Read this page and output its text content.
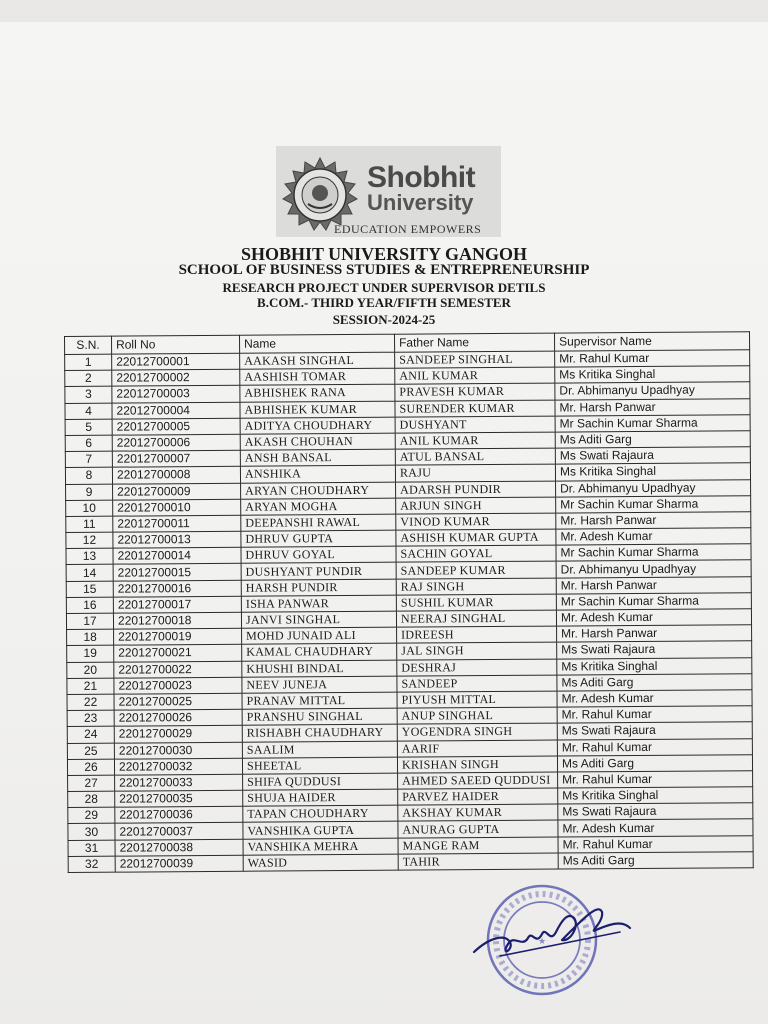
Shobhit
University
EDUCATION EMPOWERS
SHOBHIT UNIVERSITY GANGOH
SCHOOL OF BUSINESS STUDIES & ENTREPRENEURSHIP
RESEARCH PROJECT UNDER SUPERVISOR DETILS
B.COM.- THIRD YEAR/FIFTH SEMESTER
SESSION-2024-25
S.N.	Roll No	Name	Father Name	Supervisor Name
1	22012700001	AAKASH SINGHAL	SANDEEP SINGHAL	Mr. Rahul Kumar
2	22012700002	AASHISH TOMAR	ANIL KUMAR	Ms Kritika Singhal
3	22012700003	ABHISHEK RANA	PRAVESH KUMAR	Dr. Abhimanyu Upadhyay
4	22012700004	ABHISHEK KUMAR	SURENDER KUMAR	Mr. Harsh Panwar
5	22012700005	ADITYA CHOUDHARY	DUSHYANT	Mr Sachin Kumar Sharma
6	22012700006	AKASH CHOUHAN	ANIL KUMAR	Ms Aditi Garg
7	22012700007	ANSH BANSAL	ATUL BANSAL	Ms Swati Rajaura
8	22012700008	ANSHIKA	RAJU	Ms Kritika Singhal
9	22012700009	ARYAN CHOUDHARY	ADARSH PUNDIR	Dr. Abhimanyu Upadhyay
10	22012700010	ARYAN MOGHA	ARJUN SINGH	Mr Sachin Kumar Sharma
11	22012700011	DEEPANSHI RAWAL	VINOD KUMAR	Mr. Harsh Panwar
12	22012700013	DHRUV GUPTA	ASHISH KUMAR GUPTA	Mr. Adesh Kumar
13	22012700014	DHRUV GOYAL	SACHIN GOYAL	Mr Sachin Kumar Sharma
14	22012700015	DUSHYANT PUNDIR	SANDEEP KUMAR	Dr. Abhimanyu Upadhyay
15	22012700016	HARSH PUNDIR	RAJ SINGH	Mr. Harsh Panwar
16	22012700017	ISHA PANWAR	SUSHIL KUMAR	Mr Sachin Kumar Sharma
17	22012700018	JANVI SINGHAL	NEERAJ SINGHAL	Mr. Adesh Kumar
18	22012700019	MOHD JUNAID ALI	IDREESH	Mr. Harsh Panwar
19	22012700021	KAMAL CHAUDHARY	JAL SINGH	Ms Swati Rajaura
20	22012700022	KHUSHI BINDAL	DESHRAJ	Ms Kritika Singhal
21	22012700023	NEEV JUNEJA	SANDEEP	Ms Aditi Garg
22	22012700025	PRANAV MITTAL	PIYUSH MITTAL	Mr. Adesh Kumar
23	22012700026	PRANSHU SINGHAL	ANUP SINGHAL	Mr. Rahul Kumar
24	22012700029	RISHABH CHAUDHARY	YOGENDRA SINGH	Ms Swati Rajaura
25	22012700030	SAALIM	AARIF	Mr. Rahul Kumar
26	22012700032	SHEETAL	KRISHAN SINGH	Ms Aditi Garg
27	22012700033	SHIFA QUDDUSI	AHMED SAEED QUDDUSI	Mr. Rahul Kumar
28	22012700035	SHUJA HAIDER	PARVEZ HAIDER	Ms Kritika Singhal
29	22012700036	TAPAN CHOUDHARY	AKSHAY KUMAR	Ms Swati Rajaura
30	22012700037	VANSHIKA GUPTA	ANURAG GUPTA	Mr. Adesh Kumar
31	22012700038	VANSHIKA MEHRA	MANGE RAM	Mr. Rahul Kumar
32	22012700039	WASID	TAHIR	Ms Aditi Garg
★
